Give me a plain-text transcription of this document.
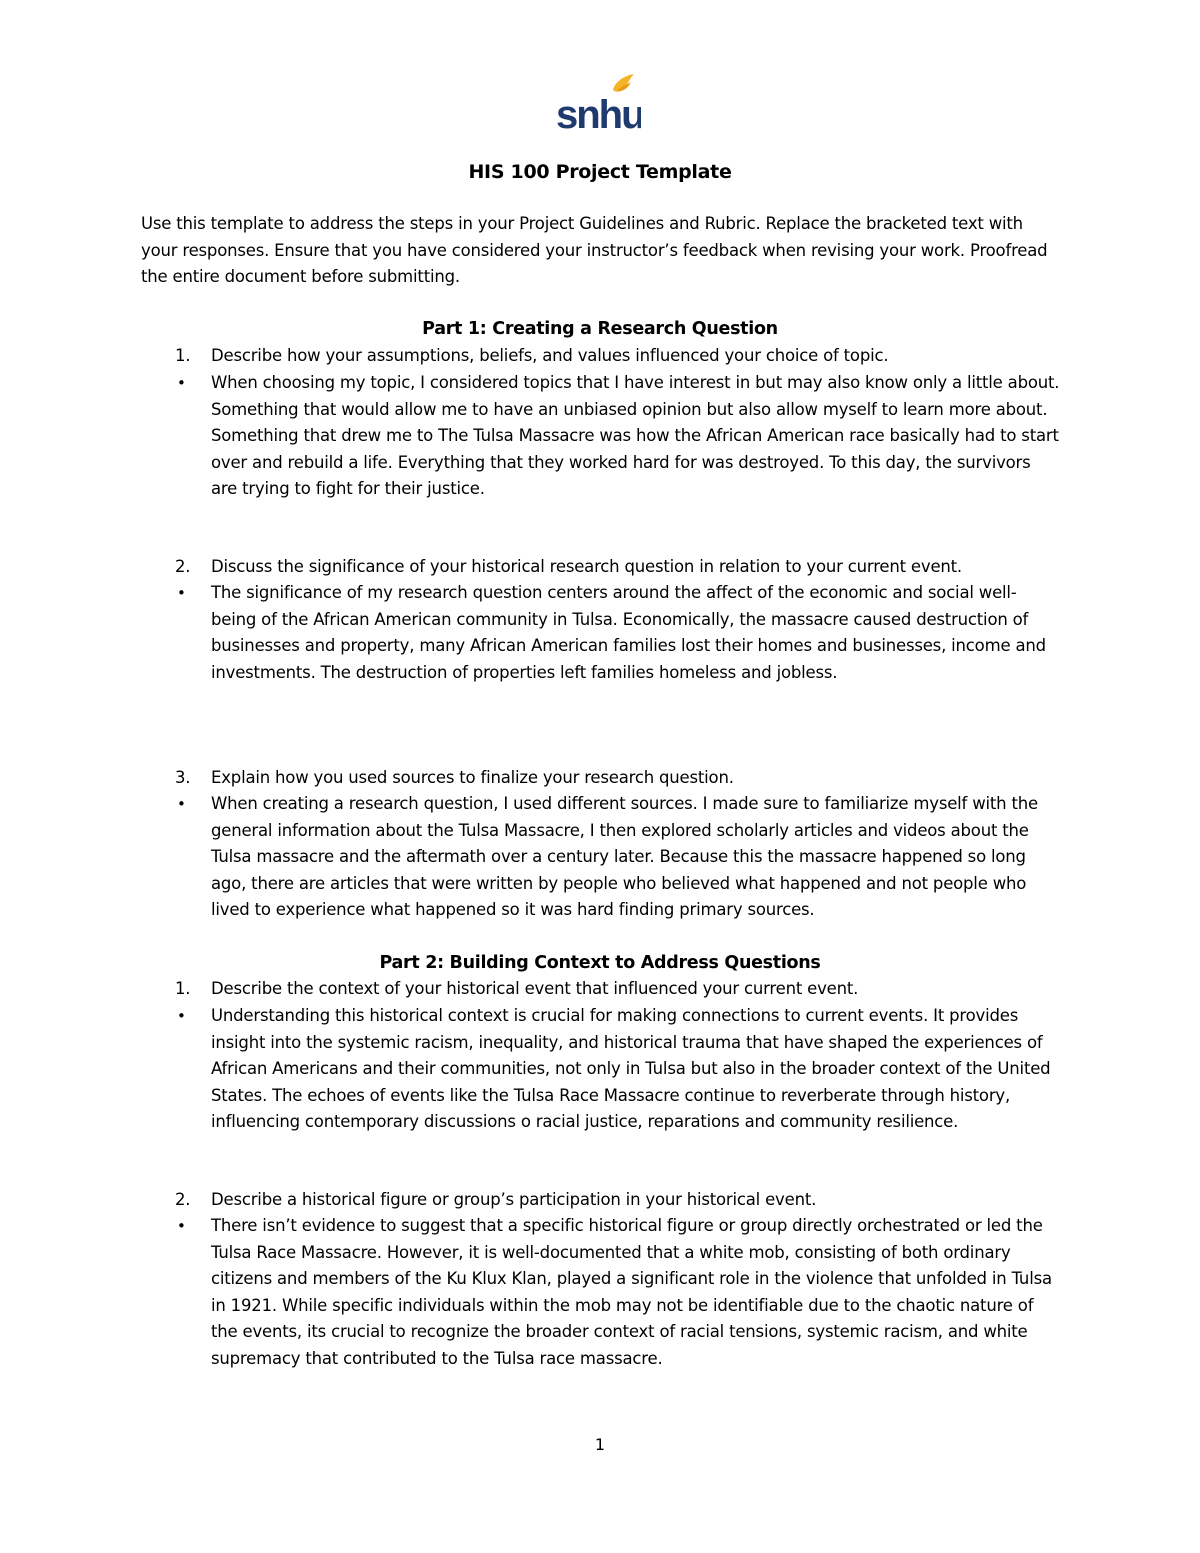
snhu
HIS 100 Project Template
Use this template to address the steps in your Project Guidelines and Rubric. Replace the bracketed text with your responses. Ensure that you have considered your instructor’s feedback when revising your work. Proofread the entire document before submitting.
Part 1: Creating a Research Question
1. Describe how your assumptions, beliefs, and values influenced your choice of topic.
• When choosing my topic, I considered topics that I have interest in but may also know only a little about. Something that would allow me to have an unbiased opinion but also allow myself to learn more about. Something that drew me to The Tulsa Massacre was how the African American race basically had to start over and rebuild a life. Everything that they worked hard for was destroyed. To this day, the survivors are trying to fight for their justice.
2. Discuss the significance of your historical research question in relation to your current event.
• The significance of my research question centers around the affect of the economic and social well- being of the African American community in Tulsa. Economically, the massacre caused destruction of businesses and property, many African American families lost their homes and businesses, income and investments. The destruction of properties left families homeless and jobless.
3. Explain how you used sources to finalize your research question.
• When creating a research question, I used different sources. I made sure to familiarize myself with the general information about the Tulsa Massacre, I then explored scholarly articles and videos about the Tulsa massacre and the aftermath over a century later. Because this the massacre happened so long ago, there are articles that were written by people who believed what happened and not people who lived to experience what happened so it was hard finding primary sources.
Part 2: Building Context to Address Questions
1. Describe the context of your historical event that influenced your current event.
• Understanding this historical context is crucial for making connections to current events. It provides insight into the systemic racism, inequality, and historical trauma that have shaped the experiences of African Americans and their communities, not only in Tulsa but also in the broader context of the United States. The echoes of events like the Tulsa Race Massacre continue to reverberate through history, influencing contemporary discussions o racial justice, reparations and community resilience.
2. Describe a historical figure or group’s participation in your historical event.
• There isn’t evidence to suggest that a specific historical figure or group directly orchestrated or led the Tulsa Race Massacre. However, it is well-documented that a white mob, consisting of both ordinary citizens and members of the Ku Klux Klan, played a significant role in the violence that unfolded in Tulsa in 1921. While specific individuals within the mob may not be identifiable due to the chaotic nature of the events, its crucial to recognize the broader context of racial tensions, systemic racism, and white supremacy that contributed to the Tulsa race massacre.
1
